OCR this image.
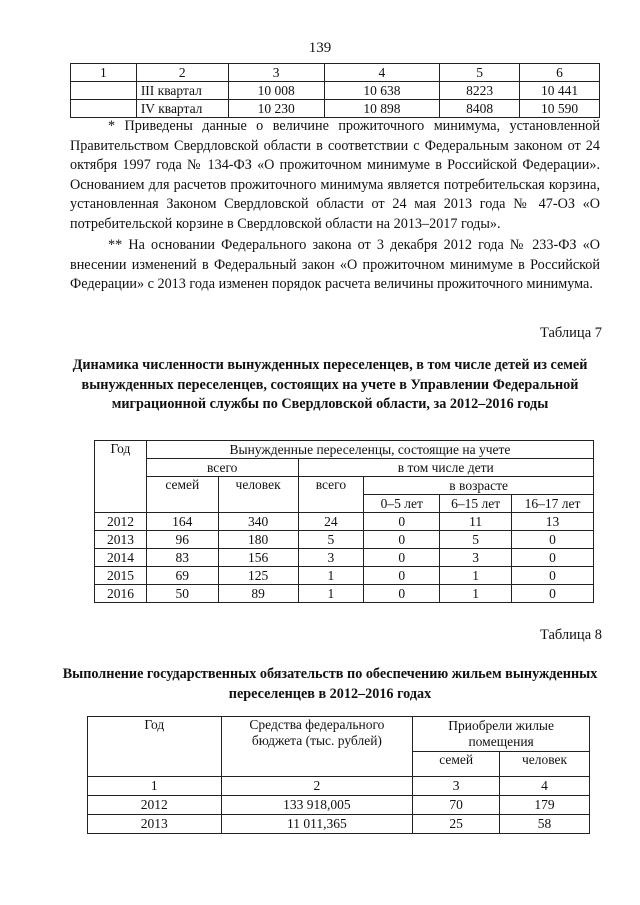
139
1	2	3	4	5	6
	III квартал	10 008	10 638	8223	10 441
	IV квартал	10 230	10 898	8408	10 590

* Приведены данные о величине прожиточного минимума, установленной Правительством Свердловской области в соответствии с Федеральным законом от 24 октября 1997 года № 134-ФЗ «О прожиточном минимуме в Российской Федерации». Основанием для расчетов прожиточного минимума является потребительская корзина, установленная Законом Свердловской области от 24 мая 2013 года № 47-ОЗ «О потребительской корзине в Свердловской области на 2013–2017 годы».

** На основании Федерального закона от 3 декабря 2012 года № 233-ФЗ «О внесении изменений в Федеральный закон «О прожиточном минимуме в Российской Федерации» с 2013 года изменен порядок расчета величины прожиточного минимума.

Таблица 7

Динамика численности вынужденных переселенцев, в том числе детей из семей вынужденных переселенцев, состоящих на учете в Управлении Федеральной миграционной службы по Свердловской области, за 2012–2016 годы

Год	Вынужденные переселенцы, состоящие на учете					
	всего		в том числе дети			
	семей	человек	всего	в возрасте		
				0–5 лет	6–15 лет	16–17 лет
2012	164	340	24	0	11	13
2013	96	180	5	0	5	0
2014	83	156	3	0	3	0
2015	69	125	1	0	1	0
2016	50	89	1	0	1	0
Таблица 8

Выполнение государственных обязательств по обеспечению жильем вынужденных переселенцев в 2012–2016 годах

Год	Средства федерального бюджета (тыс. рублей)	Приобрели жилые помещения	
		семей	человек
1	2	3	4
2012	133 918,005	70	179
2013	11 011,365	25	58
